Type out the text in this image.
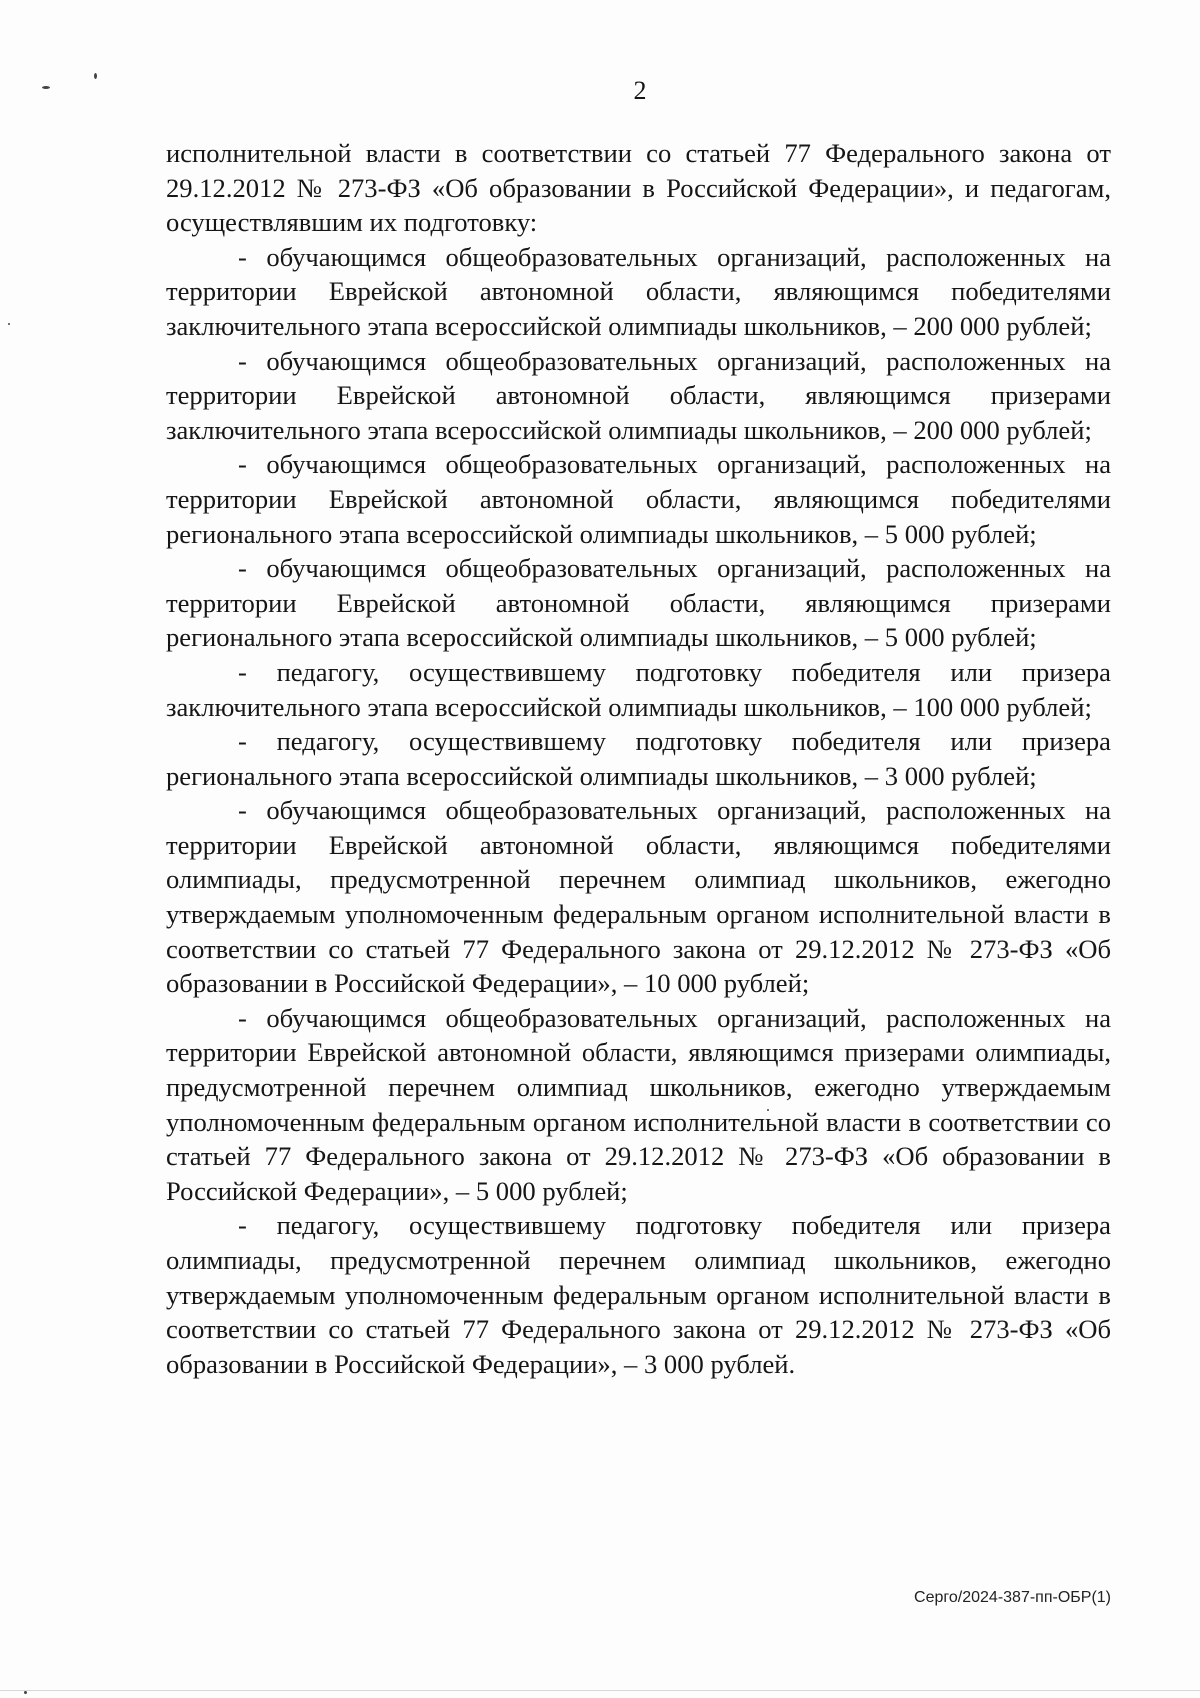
2

исполнительной власти в соответствии со статьей 77 Федерального закона от 29.12.2012 № 273-ФЗ «Об образовании в Российской Федерации», и педагогам, осуществлявшим их подготовку:

- обучающимся общеобразовательных организаций, расположенных на территории Еврейской автономной области, являющимся победителями заключительного этапа всероссийской олимпиады школьников, – 200 000 рублей;

- обучающимся общеобразовательных организаций, расположенных на территории Еврейской автономной области, являющимся призерами заключительного этапа всероссийской олимпиады школьников, – 200 000 рублей;

- обучающимся общеобразовательных организаций, расположенных на территории Еврейской автономной области, являющимся победителями регионального этапа всероссийской олимпиады школьников, – 5 000 рублей;

- обучающимся общеобразовательных организаций, расположенных на территории Еврейской автономной области, являющимся призерами регионального этапа всероссийской олимпиады школьников, – 5 000 рублей;

- педагогу, осуществившему подготовку победителя или призера заключительного этапа всероссийской олимпиады школьников, – 100 000 рублей;

- педагогу, осуществившему подготовку победителя или призера регионального этапа всероссийской олимпиады школьников, – 3 000 рублей;

- обучающимся общеобразовательных организаций, расположенных на территории Еврейской автономной области, являющимся победителями олимпиады, предусмотренной перечнем олимпиад школьников, ежегодно утверждаемым уполномоченным федеральным органом исполнительной власти в соответствии со статьей 77 Федерального закона от 29.12.2012 № 273-ФЗ «Об образовании в Российской Федерации», – 10 000 рублей;

- обучающимся общеобразовательных организаций, расположенных на территории Еврейской автономной области, являющимся призерами олимпиады, предусмотренной перечнем олимпиад школьников, ежегодно утверждаемым уполномоченным федеральным органом исполнительной власти в соответствии со статьей 77 Федерального закона от 29.12.2012 № 273-ФЗ «Об образовании в Российской Федерации», – 5 000 рублей;

- педагогу, осуществившему подготовку победителя или призера олимпиады, предусмотренной перечнем олимпиад школьников, ежегодно утверждаемым уполномоченным федеральным органом исполнительной власти в соответствии со статьей 77 Федерального закона от 29.12.2012 № 273-ФЗ «Об образовании в Российской Федерации», – 3 000 рублей.

Серго/2024-387-пп-ОБР(1)
